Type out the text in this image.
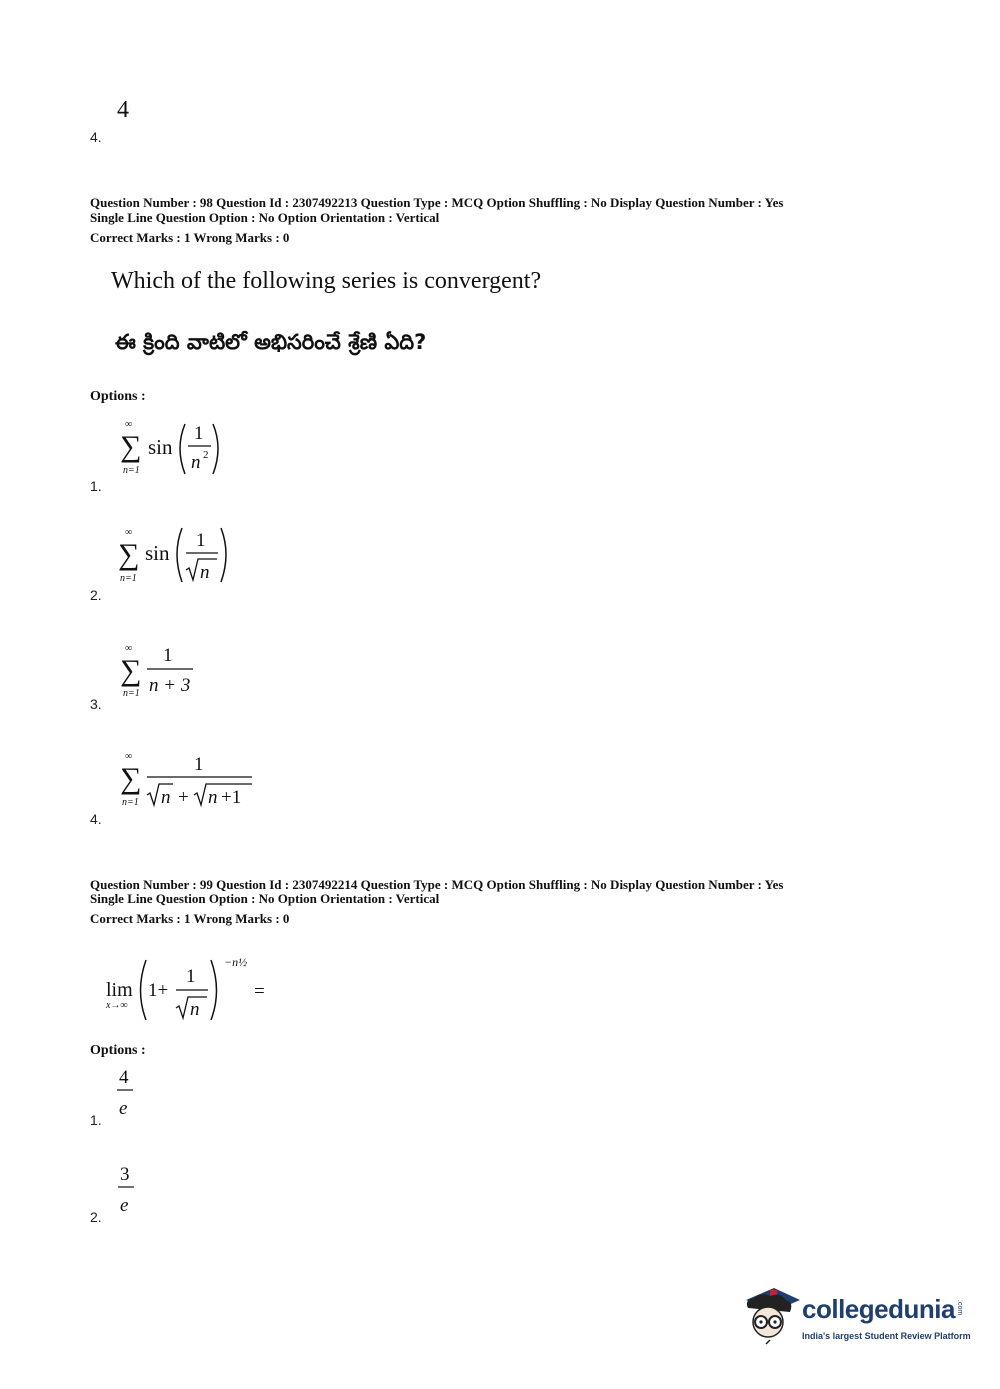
4
4.
Question Number : 98 Question Id : 2307492213 Question Type : MCQ Option Shuffling : No Display Question Number : Yes
Single Line Question Option : No Option Orientation : Vertical
Correct Marks : 1 Wrong Marks : 0
Which of the following series is convergent?
ఈ క్రింది వాటిలో అభిసరించే శ్రేణి ఏది?
Options :
∞
∑
n=1
sin
1
n 2
1.
∞
∑
n=1
sin
1
n
2.
∞
∑
n=1
1
n + 3
3.
∞
∑
n=1
1
n + n +1
4.
Question Number : 99 Question Id : 2307492214 Question Type : MCQ Option Shuffling : No Display Question Number : Yes
Single Line Question Option : No Option Orientation : Vertical
Correct Marks : 1 Wrong Marks : 0
lim
x→∞
1+
1
n
−n½
=
Options :
4
e
1.
3
e
2.
collegedunia .com
India's largest Student Review Platform
